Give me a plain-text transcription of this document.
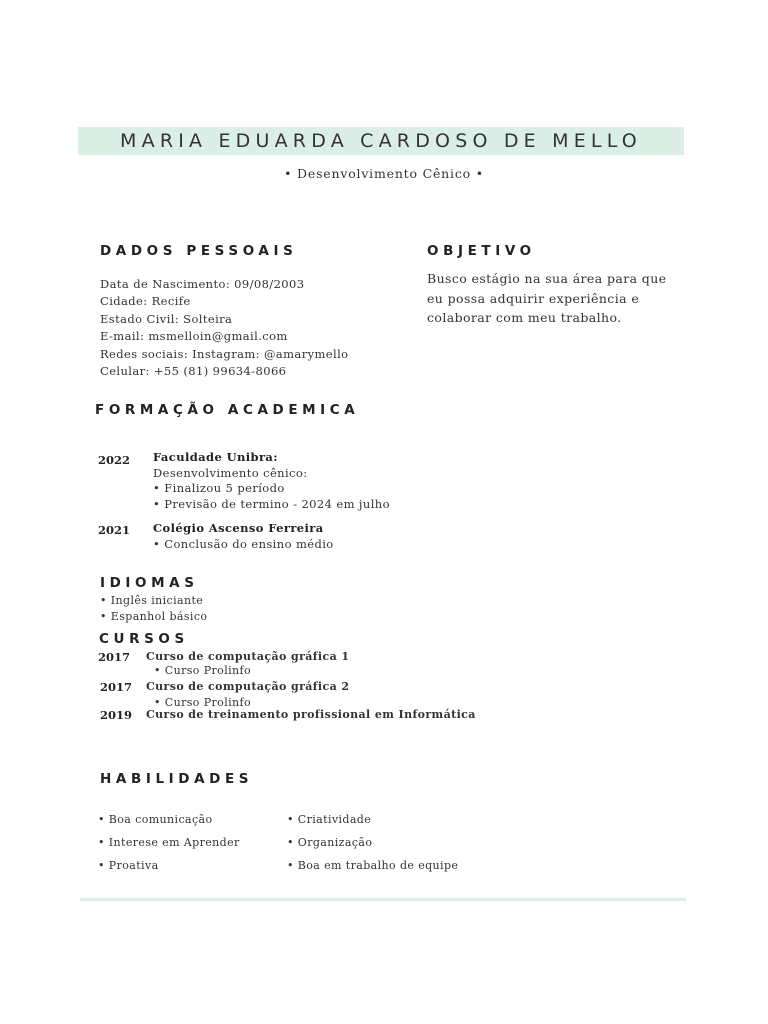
MARIA EDUARDA CARDOSO DE MELLO
• Desenvolvimento Cênico •
DADOS PESSOAIS
Data de Nascimento: 09/08/2003
Cidade: Recife
Estado Civil: Solteira
E-mail: msmelloin@gmail.com
Redes sociais: Instagram: @amarymello
Celular: +55 (81) 99634-8066
OBJETIVO
Busco estágio na sua área para que
eu possa adquirir experiência e
colaborar com meu trabalho.
FORMAÇÃO ACADEMICA
2022 Faculdade Unibra:
Desenvolvimento cênico:
• Finalizou 5 período
• Previsão de termino - 2024 em julho
2021 Colégio Ascenso Ferreira
• Conclusão do ensino médio
IDIOMAS
• Inglês iniciante
• Espanhol básico
CURSOS
2017 Curso de computação gráfica 1
• Curso Prolinfo
2017 Curso de computação gráfica 2
• Curso Prolinfo
2019 Curso de treinamento profissional em Informática
HABILIDADES
• Boa comunicação
• Interese em Aprender
• Proativa
• Criatividade
• Organização
• Boa em trabalho de equipe
